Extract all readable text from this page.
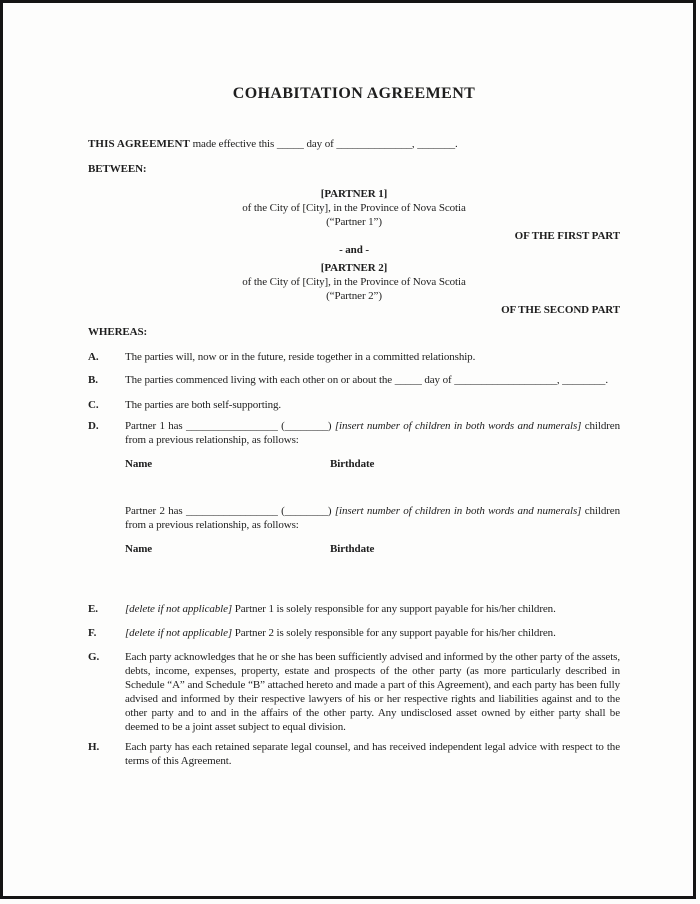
COHABITATION AGREEMENT

THIS AGREEMENT made effective this _____ day of ______________, _______.

BETWEEN:

[PARTNER 1]
of the City of [City], in the Province of Nova Scotia
(“Partner 1”)
OF THE FIRST PART
- and -
[PARTNER 2]
of the City of [City], in the Province of Nova Scotia
(“Partner 2”)
OF THE SECOND PART

WHEREAS:

A.	The parties will, now or in the future, reside together in a committed relationship.
B.	The parties commenced living with each other on or about the _____ day of ___________________, ________.
C.	The parties are both self-supporting.
D.	Partner 1 has _________________ (________) [insert number of children in both words and numerals] children from a previous relationship, as follows:
Name	Birthdate
Partner 2 has _________________ (________) [insert number of children in both words and numerals] children from a previous relationship, as follows:
Name	Birthdate
E.	[delete if not applicable] Partner 1 is solely responsible for any support payable for his/her children.
F.	[delete if not applicable] Partner 2 is solely responsible for any support payable for his/her children.
G.	Each party acknowledges that he or she has been sufficiently advised and informed by the other party of the assets, debts, income, expenses, property, estate and prospects of the other party (as more particularly described in Schedule “A” and Schedule “B” attached hereto and made a part of this Agreement), and each party has been fully advised and informed by their respective lawyers of his or her respective rights and liabilities against and to the other party and to and in the affairs of the other party. Any undisclosed asset owned by either party shall be deemed to be a joint asset subject to equal division.
H.	Each party has each retained separate legal counsel, and has received independent legal advice with respect to the terms of this Agreement.
